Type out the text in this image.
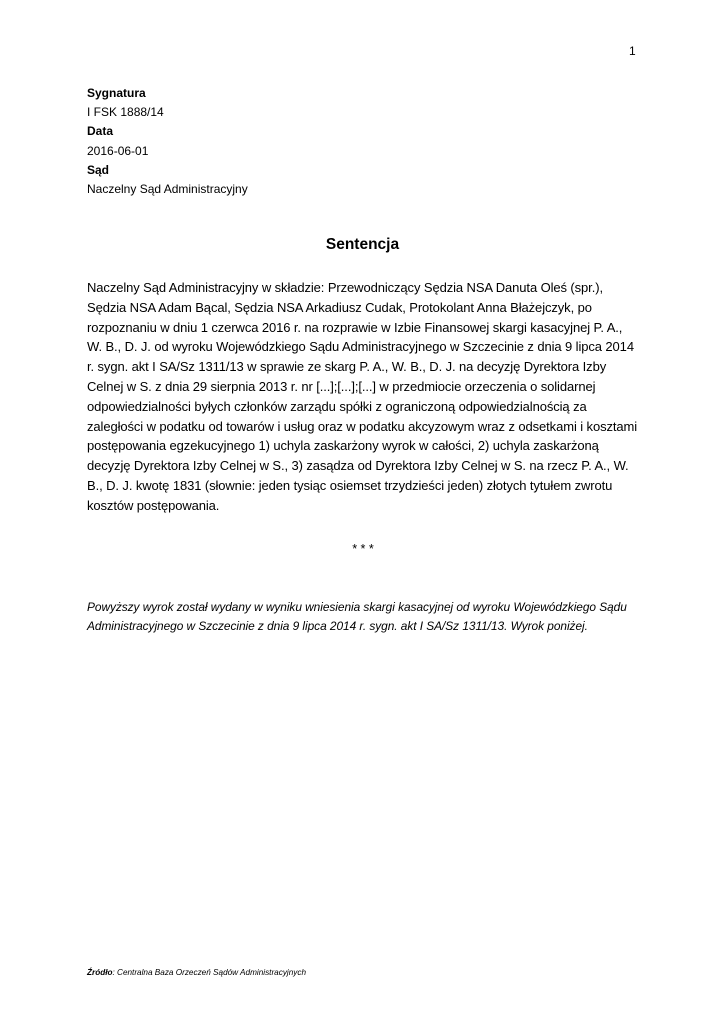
1
Sygnatura
I FSK 1888/14
Data
2016-06-01
Sąd
Naczelny Sąd Administracyjny
Sentencja
Naczelny Sąd Administracyjny w składzie: Przewodniczący Sędzia NSA Danuta Oleś (spr.), Sędzia NSA Adam Bącal, Sędzia NSA Arkadiusz Cudak, Protokolant Anna Błażejczyk, po rozpoznaniu w dniu 1 czerwca 2016 r. na rozprawie w Izbie Finansowej skargi kasacyjnej P. A., W. B., D. J. od wyroku Wojewódzkiego Sądu Administracyjnego w Szczecinie z dnia 9 lipca 2014 r. sygn. akt I SA/Sz 1311/13 w sprawie ze skarg P. A., W. B., D. J. na decyzję Dyrektora Izby Celnej w S. z dnia 29 sierpnia 2013 r. nr [...];[...];[...] w przedmiocie orzeczenia o solidarnej odpowiedzialności byłych członków zarządu spółki z ograniczoną odpowiedzialnością za zaległości w podatku od towarów i usług oraz w podatku akcyzowym wraz z odsetkami i kosztami postępowania egzekucyjnego 1) uchyla zaskarżony wyrok w całości, 2) uchyla zaskarżoną decyzję Dyrektora Izby Celnej w S., 3) zasądza od Dyrektora Izby Celnej w S. na rzecz P. A., W. B., D. J. kwotę 1831 (słownie: jeden tysiąc osiemset trzydzieści jeden) złotych tytułem zwrotu kosztów postępowania.
* * *
Powyższy wyrok został wydany w wyniku wniesienia skargi kasacyjnej od wyroku Wojewódzkiego Sądu Administracyjnego w Szczecinie z dnia 9 lipca 2014 r. sygn. akt I SA/Sz 1311/13. Wyrok poniżej.
Źródło: Centralna Baza Orzeczeń Sądów Administracyjnych
